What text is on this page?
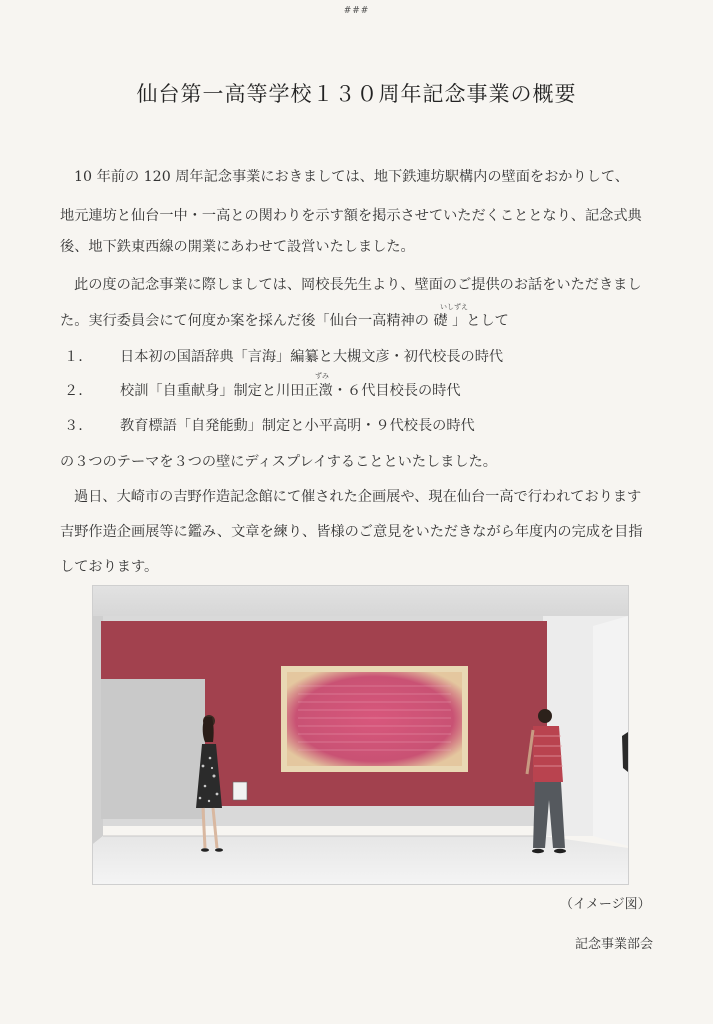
###
仙台第一高等学校１３０周年記念事業の概要
10 年前の 120 周年記念事業におきましては、地下鉄連坊駅構内の壁面をおかりして、
地元連坊と仙台一中・一高との関わりを示す額を掲示させていただくこととなり、記念式典
後、地下鉄東西線の開業にあわせて設営いたしました。
此の度の記念事業に際しましては、岡校長先生より、壁面のご提供のお話をいただきまし
いしずえ
た。実行委員会にて何度か案を採んだ後「仙台一高精神の 礎 」として
１.	日本初の国語辞典「言海」編纂と大槻文彦・初代校長の時代
ずみ
２.	校訓「自重献身」制定と川田正澂・６代目校長の時代
３.	教育標語「自発能動」制定と小平高明・９代校長の時代
の３つのテーマを３つの壁にディスプレイすることといたしました。
過日、大崎市の吉野作造記念館にて催された企画展や、現在仙台一高で行われております
吉野作造企画展等に鑑み、文章を練り、皆様のご意見をいただきながら年度内の完成を目指
しております。
（イメージ図）
記念事業部会
